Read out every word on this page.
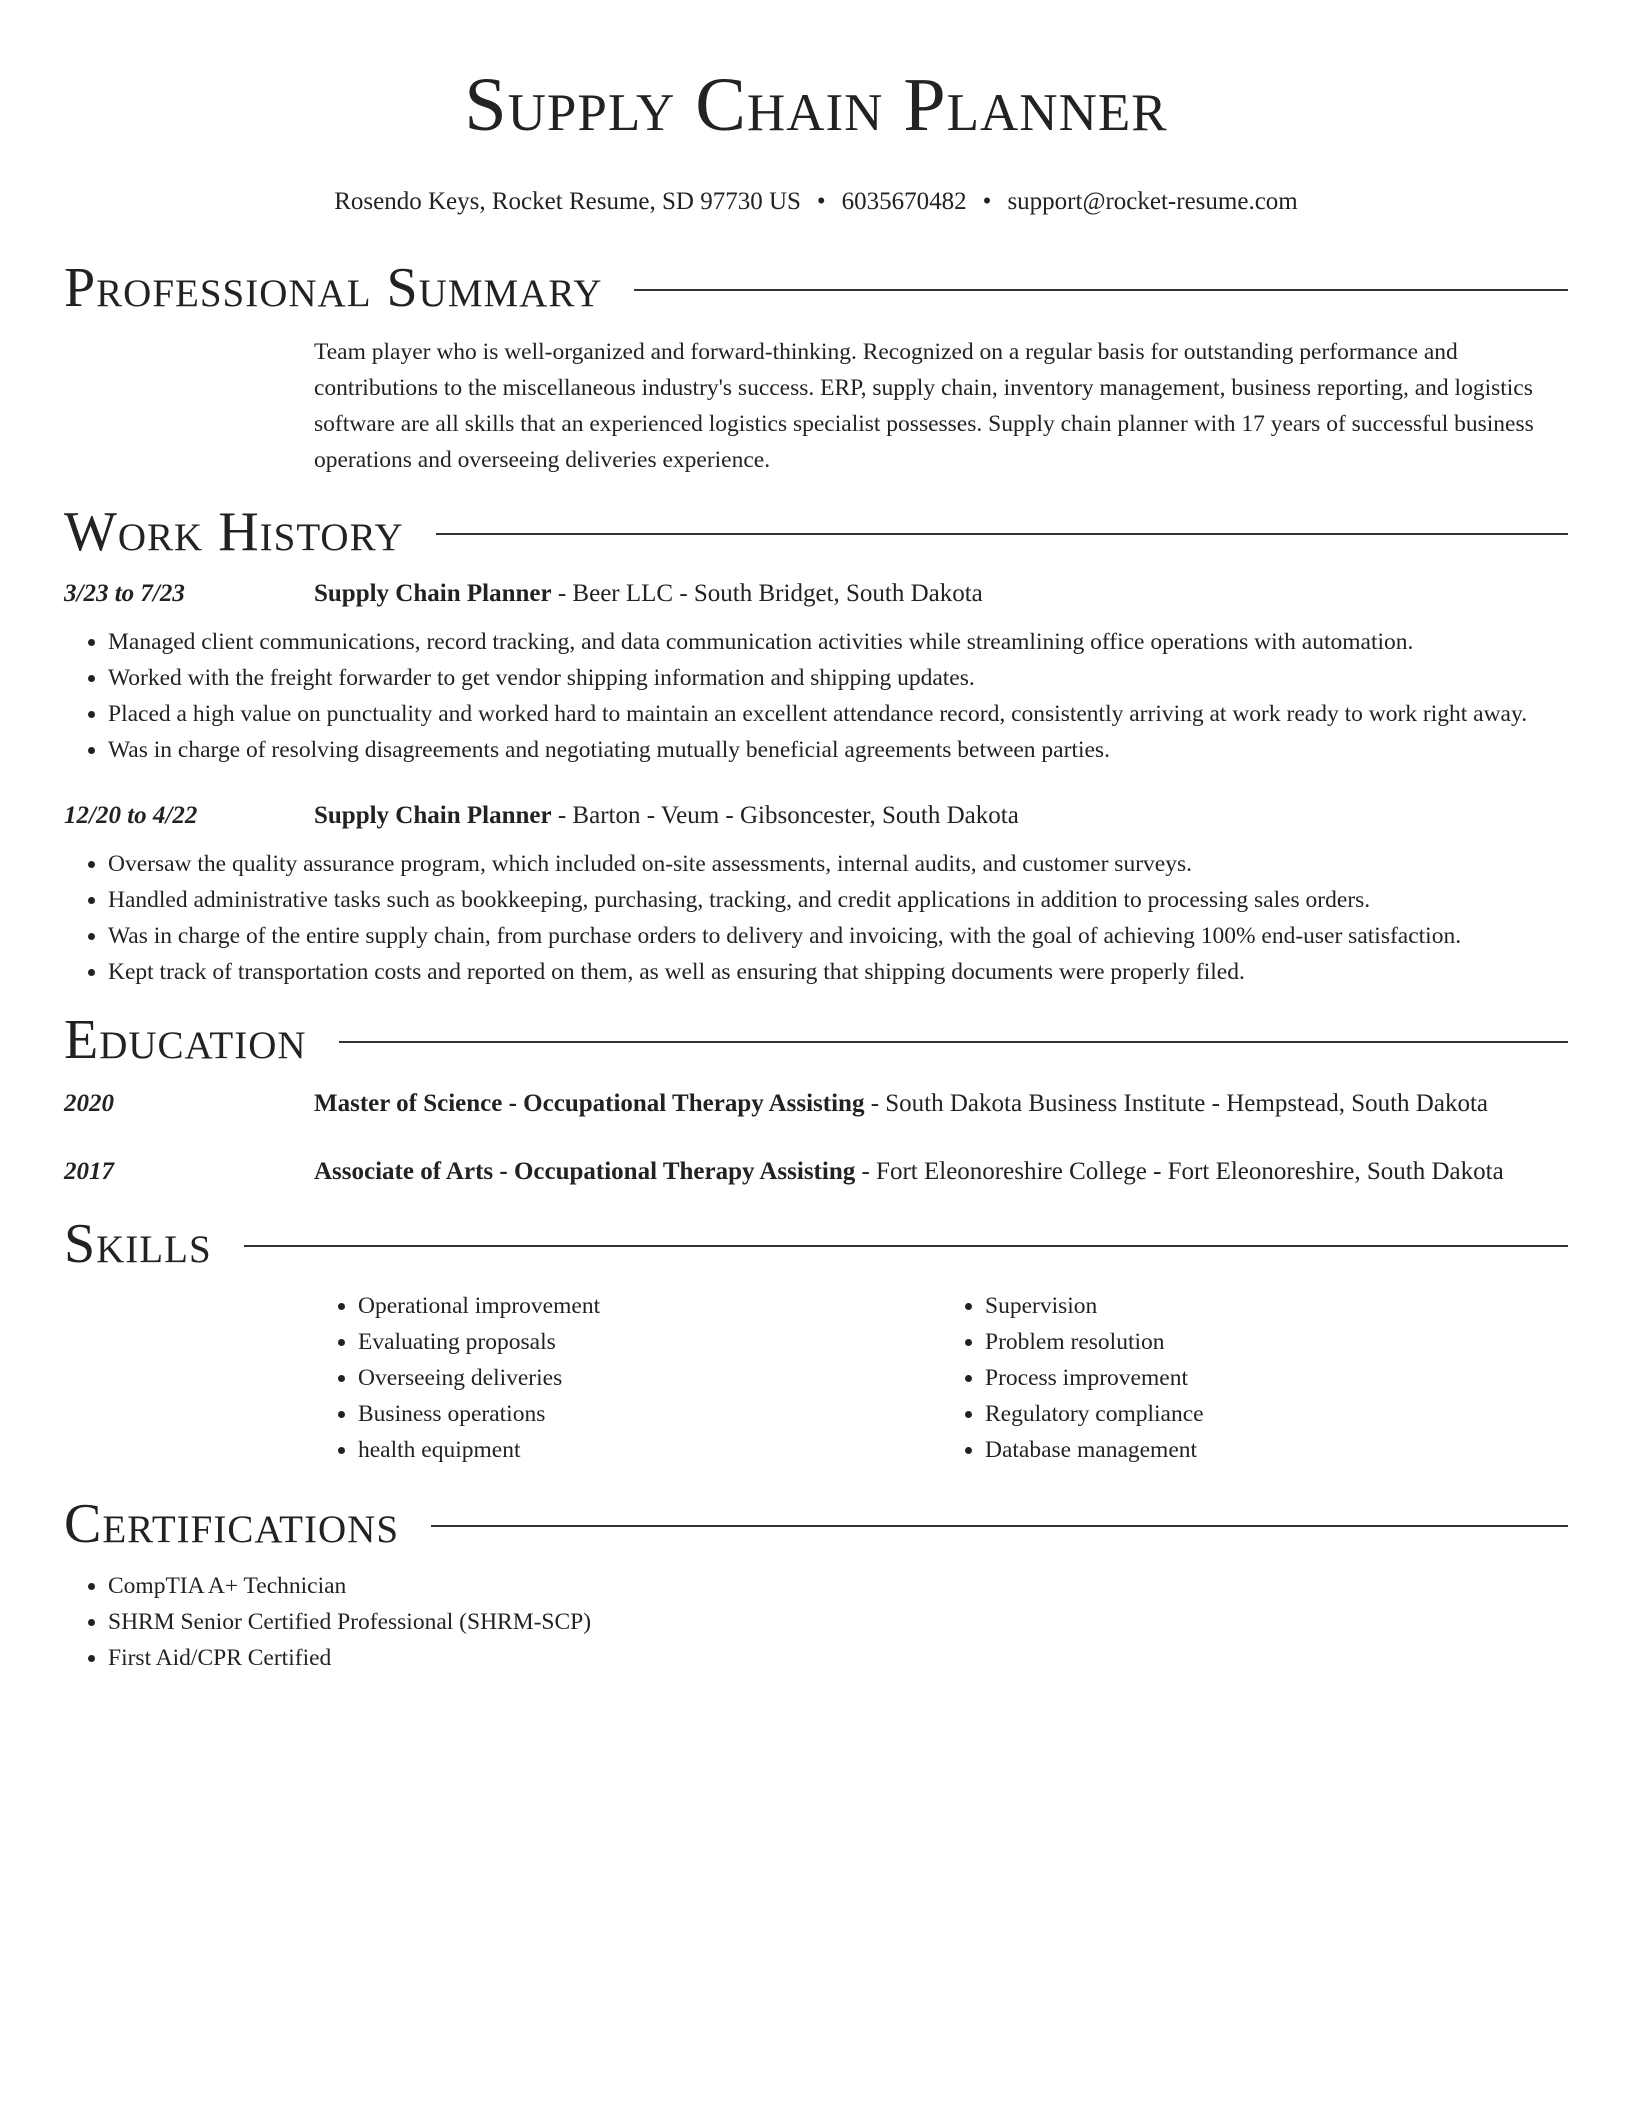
Supply Chain Planner
Rosendo Keys, Rocket Resume, SD 97730 US • 6035670482 • support@rocket-resume.com
Professional Summary
Team player who is well-organized and forward-thinking. Recognized on a regular basis for outstanding performance and contributions to the miscellaneous industry's success. ERP, supply chain, inventory management, business reporting, and logistics software are all skills that an experienced logistics specialist possesses. Supply chain planner with 17 years of successful business operations and overseeing deliveries experience.
Work History
3/23 to 7/23	Supply Chain Planner - Beer LLC - South Bridget, South Dakota
• Managed client communications, record tracking, and data communication activities while streamlining office operations with automation.
• Worked with the freight forwarder to get vendor shipping information and shipping updates.
• Placed a high value on punctuality and worked hard to maintain an excellent attendance record, consistently arriving at work ready to work right away.
• Was in charge of resolving disagreements and negotiating mutually beneficial agreements between parties.
12/20 to 4/22	Supply Chain Planner - Barton - Veum - Gibsoncester, South Dakota
• Oversaw the quality assurance program, which included on-site assessments, internal audits, and customer surveys.
• Handled administrative tasks such as bookkeeping, purchasing, tracking, and credit applications in addition to processing sales orders.
• Was in charge of the entire supply chain, from purchase orders to delivery and invoicing, with the goal of achieving 100% end-user satisfaction.
• Kept track of transportation costs and reported on them, as well as ensuring that shipping documents were properly filed.
Education
2020	Master of Science - Occupational Therapy Assisting - South Dakota Business Institute - Hempstead, South Dakota
2017	Associate of Arts - Occupational Therapy Assisting - Fort Eleonoreshire College - Fort Eleonoreshire, South Dakota
Skills
• Operational improvement
• Evaluating proposals
• Overseeing deliveries
• Business operations
• health equipment
• Supervision
• Problem resolution
• Process improvement
• Regulatory compliance
• Database management
Certifications
• CompTIA A+ Technician
• SHRM Senior Certified Professional (SHRM-SCP)
• First Aid/CPR Certified
